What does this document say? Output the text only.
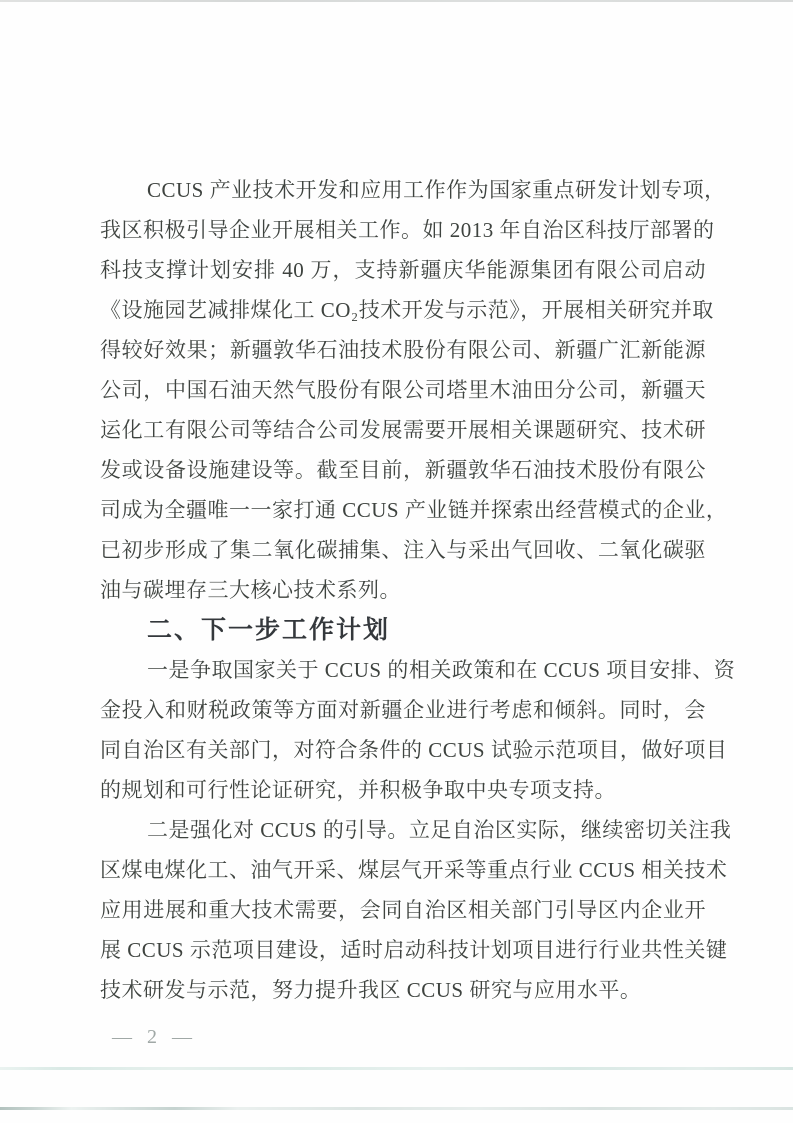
CCUS 产业技术开发和应用工作作为国家重点研发计划专项，
我区积极引导企业开展相关工作。如 2013 年自治区科技厅部署的
科技支撑计划安排 40 万，支持新疆庆华能源集团有限公司启动
《设施园艺减排煤化工 CO₂技术开发与示范》，开展相关研究并取
得较好效果；新疆敦华石油技术股份有限公司、新疆广汇新能源
公司，中国石油天然气股份有限公司塔里木油田分公司，新疆天
运化工有限公司等结合公司发展需要开展相关课题研究、技术研
发或设备设施建设等。截至目前，新疆敦华石油技术股份有限公
司成为全疆唯一一家打通 CCUS 产业链并探索出经营模式的企业，
已初步形成了集二氧化碳捕集、注入与采出气回收、二氧化碳驱
油与碳埋存三大核心技术系列。
二、下一步工作计划
一是争取国家关于 CCUS 的相关政策和在 CCUS 项目安排、资
金投入和财税政策等方面对新疆企业进行考虑和倾斜。同时，会
同自治区有关部门，对符合条件的 CCUS 试验示范项目，做好项目
的规划和可行性论证研究，并积极争取中央专项支持。
二是强化对 CCUS 的引导。立足自治区实际，继续密切关注我
区煤电煤化工、油气开采、煤层气开采等重点行业 CCUS 相关技术
应用进展和重大技术需要，会同自治区相关部门引导区内企业开
展 CCUS 示范项目建设，适时启动科技计划项目进行行业共性关键
技术研发与示范，努力提升我区 CCUS 研究与应用水平。
— 2 —
